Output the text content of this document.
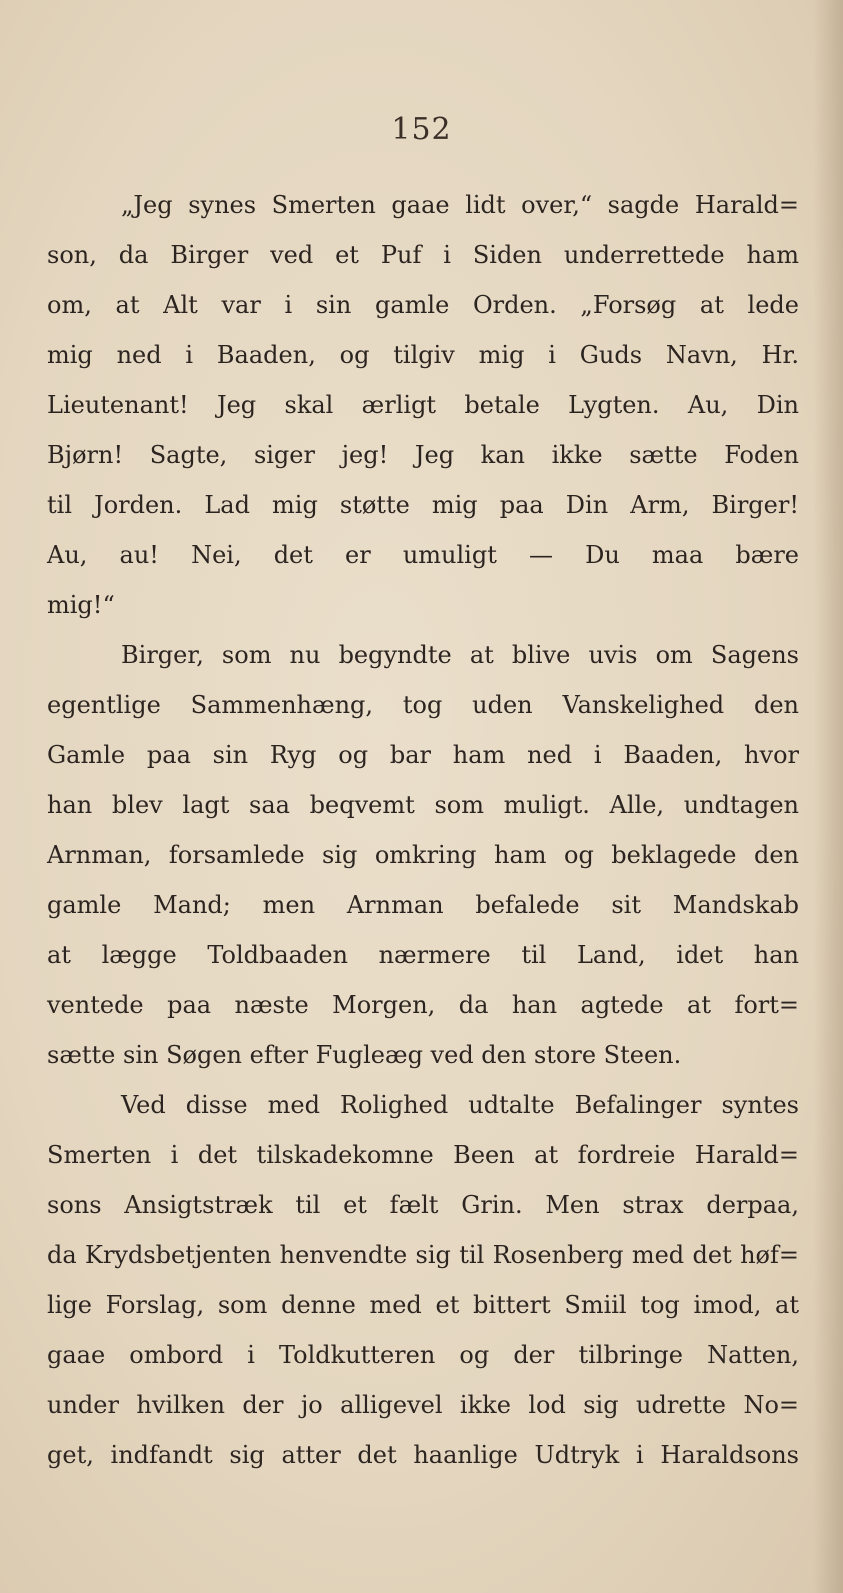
152
„Jeg synes Smerten gaae lidt over,“ sagde Harald=
son, da Birger ved et Puf i Siden underrettede ham
om, at Alt var i sin gamle Orden. „Forsøg at lede
mig ned i Baaden, og tilgiv mig i Guds Navn, Hr.
Lieutenant! Jeg skal ærligt betale Lygten. Au, Din
Bjørn! Sagte, siger jeg! Jeg kan ikke sætte Foden
til Jorden. Lad mig støtte mig paa Din Arm, Birger!
Au, au! Nei, det er umuligt — Du maa bære
mig!“
Birger, som nu begyndte at blive uvis om Sagens
egentlige Sammenhæng, tog uden Vanskelighed den
Gamle paa sin Ryg og bar ham ned i Baaden, hvor
han blev lagt saa beqvemt som muligt. Alle, undtagen
Arnman, forsamlede sig omkring ham og beklagede den
gamle Mand; men Arnman befalede sit Mandskab
at lægge Toldbaaden nærmere til Land, idet han
ventede paa næste Morgen, da han agtede at fort=
sætte sin Søgen efter Fugleæg ved den store Steen.
Ved disse med Rolighed udtalte Befalinger syntes
Smerten i det tilskadekomne Been at fordreie Harald=
sons Ansigtstræk til et fælt Grin. Men strax derpaa,
da Krydsbetjenten henvendte sig til Rosenberg med det høf=
lige Forslag, som denne med et bittert Smiil tog imod, at
gaae ombord i Toldkutteren og der tilbringe Natten,
under hvilken der jo alligevel ikke lod sig udrette No=
get, indfandt sig atter det haanlige Udtryk i Haraldsons
